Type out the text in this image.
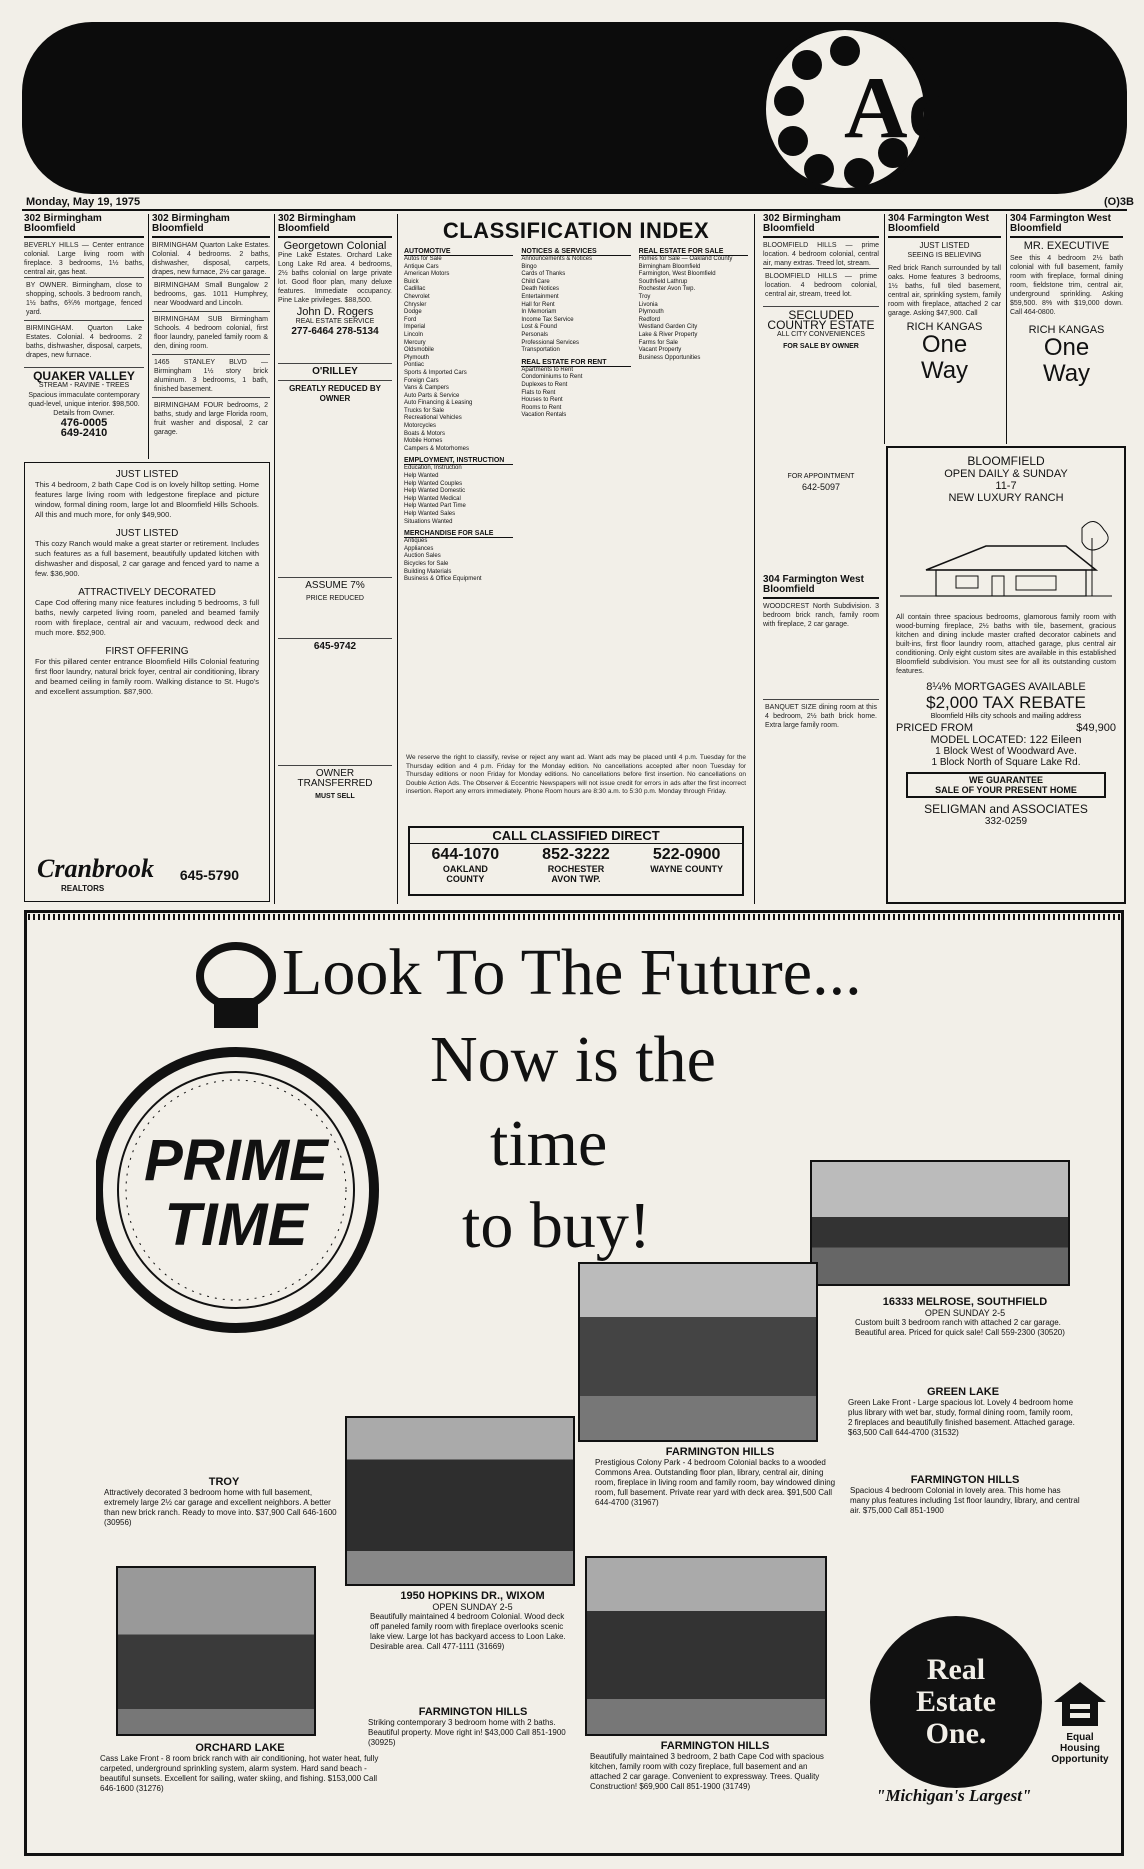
Ad
Monday, May 19, 1975	(O)3B
302 Birmingham Bloomfield
BEVERLY HILLS — Center entrance colonial. Large living room with fireplace. 3 bedrooms, 1½ baths, central air, gas heat.
BY OWNER. Birmingham, close to shopping, schools. 3 bedroom ranch, 1½ baths, 6¾% mortgage, fenced yard.
BIRMINGHAM. Quarton Lake Estates. Colonial. 4 bedrooms. 2 baths, dishwasher, disposal, carpets, drapes, new furnace.
QUAKER VALLEY
STREAM - RAVINE - TREES
Spacious immaculate contemporary quad-level, unique interior. $98,500. Details from Owner.
476-0005
649-2410
302 Birmingham Bloomfield
BIRMINGHAM Quarton Lake Estates. Colonial. 4 bedrooms. 2 baths, dishwasher, disposal, carpets, drapes, new furnace, 2½ car garage.
BIRMINGHAM Small Bungalow 2 bedrooms, gas. 1011 Humphrey, near Woodward and Lincoln.
BIRMINGHAM SUB Birmingham Schools. 4 bedroom colonial, first floor laundry, paneled family room & den, dining room.
1465 STANLEY BLVD — Birmingham 1½ story brick aluminum. 3 bedrooms, 1 bath, finished basement.
BIRMINGHAM FOUR bedrooms, 2 baths, study and large Florida room, fruit washer and disposal, 2 car garage.
302 Birmingham Bloomfield
Georgetown Colonial
Pine Lake Estates. Orchard Lake Long Lake Rd area. 4 bedrooms, 2½ baths colonial on large private lot. Good floor plan, many deluxe features. Immediate occupancy. Pine Lake privileges. $88,500.
John D. Rogers
REAL ESTATE SERVICE
277-6464 278-5134
O'RILLEY
GREATLY REDUCED BY OWNER
ASSUME 7%
PRICE REDUCED
645-9742
OWNER TRANSFERRED
MUST SELL
JUST LISTED
This 4 bedroom, 2 bath Cape Cod is on lovely hilltop setting. Home features large living room with ledgestone fireplace and picture window, formal dining room, large lot and Bloomfield Hills Schools. All this and much more, for only $49,900.
JUST LISTED
This cozy Ranch would make a great starter or retirement. Includes such features as a full basement, beautifully updated kitchen with dishwasher and disposal, 2 car garage and fenced yard to name a few. $36,900.
ATTRACTIVELY DECORATED
Cape Cod offering many nice features including 5 bedrooms, 3 full baths, newly carpeted living room, paneled and beamed family room with fireplace, central air and vacuum, redwood deck and much more. $52,900.
FIRST OFFERING
For this pillared center entrance Bloomfield Hills Colonial featuring first floor laundry, natural brick foyer, central air conditioning, library and beamed ceiling in family room. Walking distance to St. Hugo's and excellent assumption. $87,900.
Cranbrook
REALTORS
645-5790
CLASSIFICATION INDEX
AUTOMOTIVE
Autos for Sale
Antique Cars
American Motors
Buick
Cadillac
Chevrolet
Chrysler
Dodge
Ford
Imperial
Lincoln
Mercury
Oldsmobile
Plymouth
Pontiac
Sports & Imported Cars
Foreign Cars
Vans & Campers
Auto Parts & Service
Auto Financing & Leasing
Trucks for Sale
Recreational Vehicles
Motorcycles
Boats & Motors
Mobile Homes
Campers & Motorhomes
EMPLOYMENT, INSTRUCTION
Education, Instruction
Help Wanted
Help Wanted Couples
Help Wanted Domestic
Help Wanted Medical
Help Wanted Part Time
Help Wanted Sales
Situations Wanted
MERCHANDISE FOR SALE
Antiques
Appliances
Auction Sales
Bicycles for Sale
Building Materials
Business & Office Equipment
NOTICES & SERVICES
Announcements & Notices
Bingo
Cards of Thanks
Child Care
Death Notices
Entertainment
Hall for Rent
In Memoriam
Income Tax Service
Lost & Found
Personals
Professional Services
Transportation
REAL ESTATE FOR RENT
Apartments to Rent
Condominiums to Rent
Duplexes to Rent
Flats to Rent
Houses to Rent
Rooms to Rent
Vacation Rentals
REAL ESTATE FOR SALE
Homes for Sale — Oakland County
Birmingham Bloomfield
Farmington, West Bloomfield
Southfield Lathrup
Rochester Avon Twp.
Troy
Livonia
Plymouth
Redford
Westland Garden City
Lake & River Property
Farms for Sale
Vacant Property
Business Opportunities
We reserve the right to classify, revise or reject any want ad. Want ads may be placed until 4 p.m. Tuesday for the Thursday edition and 4 p.m. Friday for the Monday edition. No cancellations accepted after noon Tuesday for Thursday editions or noon Friday for Monday editions. No cancellations before first insertion. No cancellations on Double Action Ads. The Observer & Eccentric Newspapers will not issue credit for errors in ads after the first incorrect insertion. Report any errors immediately. Phone Room hours are 8:30 a.m. to 5:30 p.m. Monday through Friday.
CALL CLASSIFIED DIRECT
644-1070
OAKLAND COUNTY
852-3222
ROCHESTER AVON TWP.
522-0900
WAYNE COUNTY
302 Birmingham Bloomfield
BLOOMFIELD HILLS — prime location. 4 bedroom colonial, central air, many extras. Treed lot, stream.
BLOOMFIELD HILLS — prime location. 4 bedroom colonial, central air, stream, treed lot.
SECLUDED COUNTRY ESTATE
ALL CITY CONVENIENCES
FOR SALE BY OWNER
FOR APPOINTMENT
642-5097
304 Farmington West Bloomfield
WOODCREST North Subdivision. 3 bedroom brick ranch, family room with fireplace, 2 car garage.
BANQUET SIZE dining room at this 4 bedroom, 2½ bath brick home. Extra large family room.
304 Farmington West Bloomfield
JUST LISTED
SEEING IS BELIEVING
Red brick Ranch surrounded by tall oaks. Home features 3 bedrooms, 1½ baths, full tiled basement, central air, sprinkling system, family room with fireplace, attached 2 car garage. Asking $47,900. Call
RICH KANGAS
One
Way
304 Farmington West Bloomfield
MR. EXECUTIVE
See this 4 bedroom 2½ bath colonial with full basement, family room with fireplace, formal dining room, fieldstone trim, central air, underground sprinkling. Asking $59,500. 8% with $19,000 down. Call 464-0800.
RICH KANGAS
One
Way
BLOOMFIELD
OPEN DAILY & SUNDAY
11-7
NEW LUXURY RANCH
All contain three spacious bedrooms, glamorous family room with wood-burning fireplace, 2½ baths with tile, basement, gracious kitchen and dining include master crafted decorator cabinets and built-ins, first floor laundry room, attached garage, plus central air conditioning. Only eight custom sites are available in this established Bloomfield subdivision. You must see for all its outstanding custom features.
8¼% MORTGAGES AVAILABLE
$2,000 TAX REBATE
Bloomfield Hills city schools and mailing address
PRICED FROM	$49,900
MODEL LOCATED: 122 Eileen
1 Block West of Woodward Ave.
1 Block North of Square Lake Rd.
WE GUARANTEE
SALE OF YOUR PRESENT HOME
SELIGMAN and ASSOCIATES
332-0259
Look To The Future...
Now is the
time
to buy!
PRIME
TIME
16333 MELROSE, SOUTHFIELD
OPEN SUNDAY 2-5
Custom built 3 bedroom ranch with attached 2 car garage. Beautiful area. Priced for quick sale! Call 559-2300 (30520)
GREEN LAKE
Green Lake Front - Large spacious lot. Lovely 4 bedroom home plus library with wet bar, study, formal dining room, family room, 2 fireplaces and beautifully finished basement. Attached garage. $63,500 Call 644-4700 (31532)
FARMINGTON HILLS
Prestigious Colony Park - 4 bedroom Colonial backs to a wooded Commons Area. Outstanding floor plan, library, central air, dining room, fireplace in living room and family room, bay windowed dining room, full basement. Private rear yard with deck area. $91,500 Call 644-4700 (31967)
FARMINGTON HILLS
Spacious 4 bedroom Colonial in lovely area. This home has many plus features including 1st floor laundry, library, and central air. $75,000 Call 851-1900
TROY
Attractively decorated 3 bedroom home with full basement, extremely large 2½ car garage and excellent neighbors. A better than new brick ranch. Ready to move into. $37,900 Call 646-1600 (30956)
1950 HOPKINS DR., WIXOM
OPEN SUNDAY 2-5
Beautifully maintained 4 bedroom Colonial. Wood deck off paneled family room with fireplace overlooks scenic lake view. Large lot has backyard access to Loon Lake. Desirable area. Call 477-1111 (31669)
ORCHARD LAKE
Cass Lake Front - 8 room brick ranch with air conditioning, hot water heat, fully carpeted, underground sprinkling system, alarm system. Hard sand beach - beautiful sunsets. Excellent for sailing, water skiing, and fishing. $153,000 Call 646-1600 (31276)
FARMINGTON HILLS
Striking contemporary 3 bedroom home with 2 baths. Beautiful property. Move right in! $43,000 Call 851-1900 (30925)	FARMINGTON HILLS
Beautifully maintained 3 bedroom, 2 bath Cape Cod with spacious kitchen, family room with cozy fireplace, full basement and an attached 2 car garage. Convenient to expressway. Trees. Quality Construction! $69,900 Call 851-1900 (31749)
Real
Estate
One.	Equal
Housing
Opportunity
"Michigan's Largest"
